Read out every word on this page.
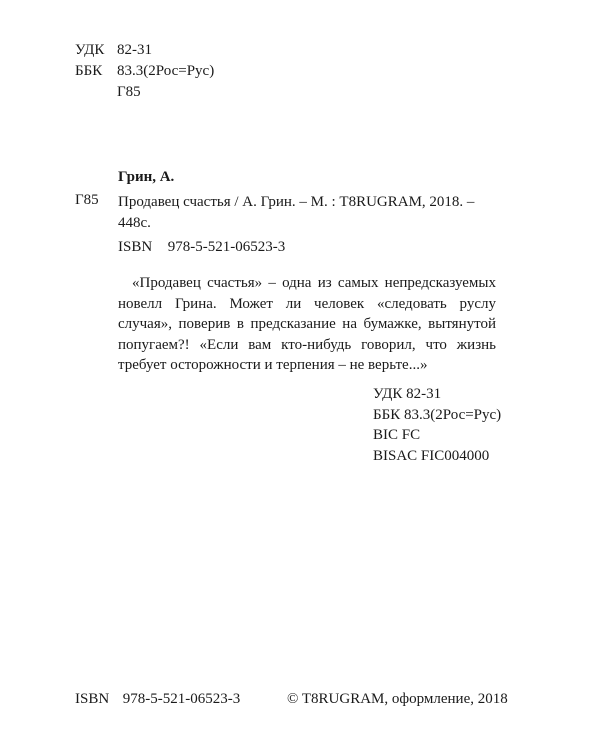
УДК 82-31
ББК 83.3(2Рос=Рус)
Г85
Грин, А.
Г85 Продавец счастья / А. Грин. – М. : T8RUGRAM, 2018. –
448с.
ISBN 978-5-521-06523-3

«Продавец счастья» – одна из самых непредсказуемых новелл Грина. Может ли человек «следовать руслу случая», поверив в предсказание на бумажке, вытянутой попугаем?! «Если вам кто-нибудь говорил, что жизнь требует осторожности и терпения – не верьте...»

УДК 82-31
ББК 83.3(2Рос=Рус)
BIC FC
BISAC FIC004000
ISBN 978-5-521-06523-3	© T8RUGRAM, оформление, 2018
